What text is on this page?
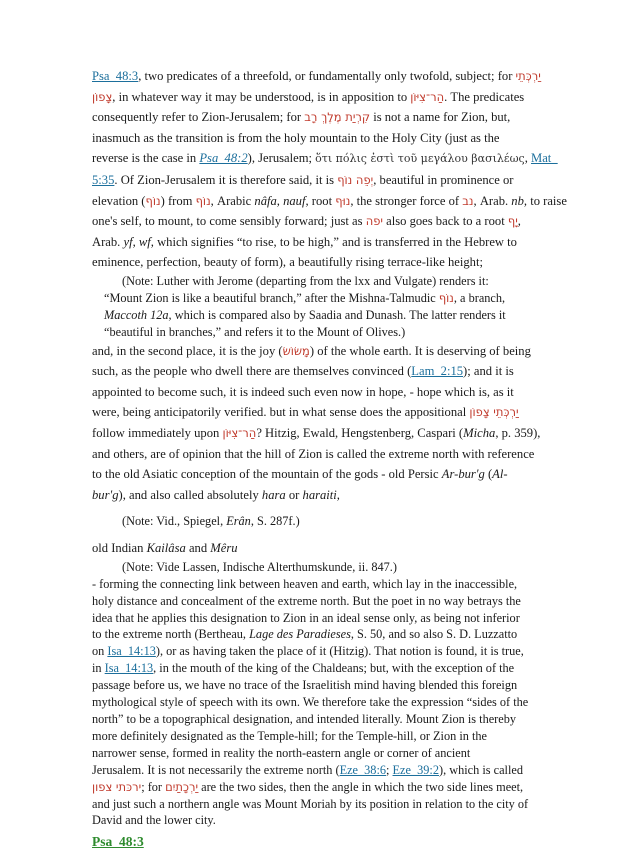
Psa_48:3, two predicates of a threefold, or fundamentally only twofold, subject; for יַרְכְּתֵי
צָפוֹן, in whatever way it may be understood, is in apposition to הַר־צִיּוֹן. The predicates
consequently refer to Zion-Jerusalem; for קִרְיַת מֶלֶךְ רָב is not a name for Zion, but,
inasmuch as the transition is from the holy mountain to the Holy City (just as the
reverse is the case in Psa_48:2), Jerusalem; ὅτι πόλις ἐστὶ τοῦ μεγάλου βασιλέως, Mat_
5:35. Of Zion-Jerusalem it is therefore said, it is יְפֵה נוֹף, beautiful in prominence or
elevation (נוֹף) from נוֹף, Arabic nâfa, nauf, root נוּף, the stronger force of נב, Arab. nb, to raise
one's self, to mount, to come sensibly forward; just as יפה also goes back to a root יָף,
Arab. yf, wf, which signifies “to rise, to be high,” and is transferred in the Hebrew to
eminence, perfection, beauty of form), a beautifully rising terrace-like height;
(Note: Luther with Jerome (departing from the lxx and Vulgate) renders it:
“Mount Zion is like a beautiful branch,” after the Mishna-Talmudic נוֹף, a branch,
Maccoth 12a, which is compared also by Saadia and Dunash. The latter renders it
“beautiful in branches,” and refers it to the Mount of Olives.)
and, in the second place, it is the joy (מָשׂוֹשׂ) of the whole earth. It is deserving of being
such, as the people who dwell there are themselves convinced (Lam_2:15); and it is
appointed to become such, it is indeed such even now in hope, - hope which is, as it
were, being anticipatorily verified. but in what sense does the appositional יַרְכְּתֵי צָפוֹן
follow immediately upon הַר־צִיּוֹן? Hitzig, Ewald, Hengstenberg, Caspari (Micha, p. 359),
and others, are of opinion that the hill of Zion is called the extreme north with reference
to the old Asiatic conception of the mountain of the gods - old Persic Ar-bur'g (Al-
bur'g), and also called absolutely hara or haraiti,
(Note: Vid., Spiegel, Erân, S. 287f.)
old Indian Kailâsa and Mêru
(Note: Vide Lassen, Indische Alterthumskunde, ii. 847.)
- forming the connecting link between heaven and earth, which lay in the inaccessible,
holy distance and concealment of the extreme north. But the poet in no way betrays the
idea that he applies this designation to Zion in an ideal sense only, as being not inferior
to the extreme north (Bertheau, Lage des Paradieses, S. 50, and so also S. D. Luzzatto
on Isa_14:13), or as having taken the place of it (Hitzig). That notion is found, it is true,
in Isa_14:13, in the mouth of the king of the Chaldeans; but, with the exception of the
passage before us, we have no trace of the Israelitish mind having blended this foreign
mythological style of speech with its own. We therefore take the expression “sides of the
north” to be a topographical designation, and intended literally. Mount Zion is thereby
more definitely designated as the Temple-hill; for the Temple-hill, or Zion in the
narrower sense, formed in reality the north-eastern angle or corner of ancient
Jerusalem. It is not necessarily the extreme north (Eze_38:6; Eze_39:2), which is called
ירכּתי צפון; for יַרְכָתַיִם are the two sides, then the angle in which the two side lines meet,
and just such a northern angle was Mount Moriah by its position in relation to the city of
David and the lower city.
Psa_48:3
